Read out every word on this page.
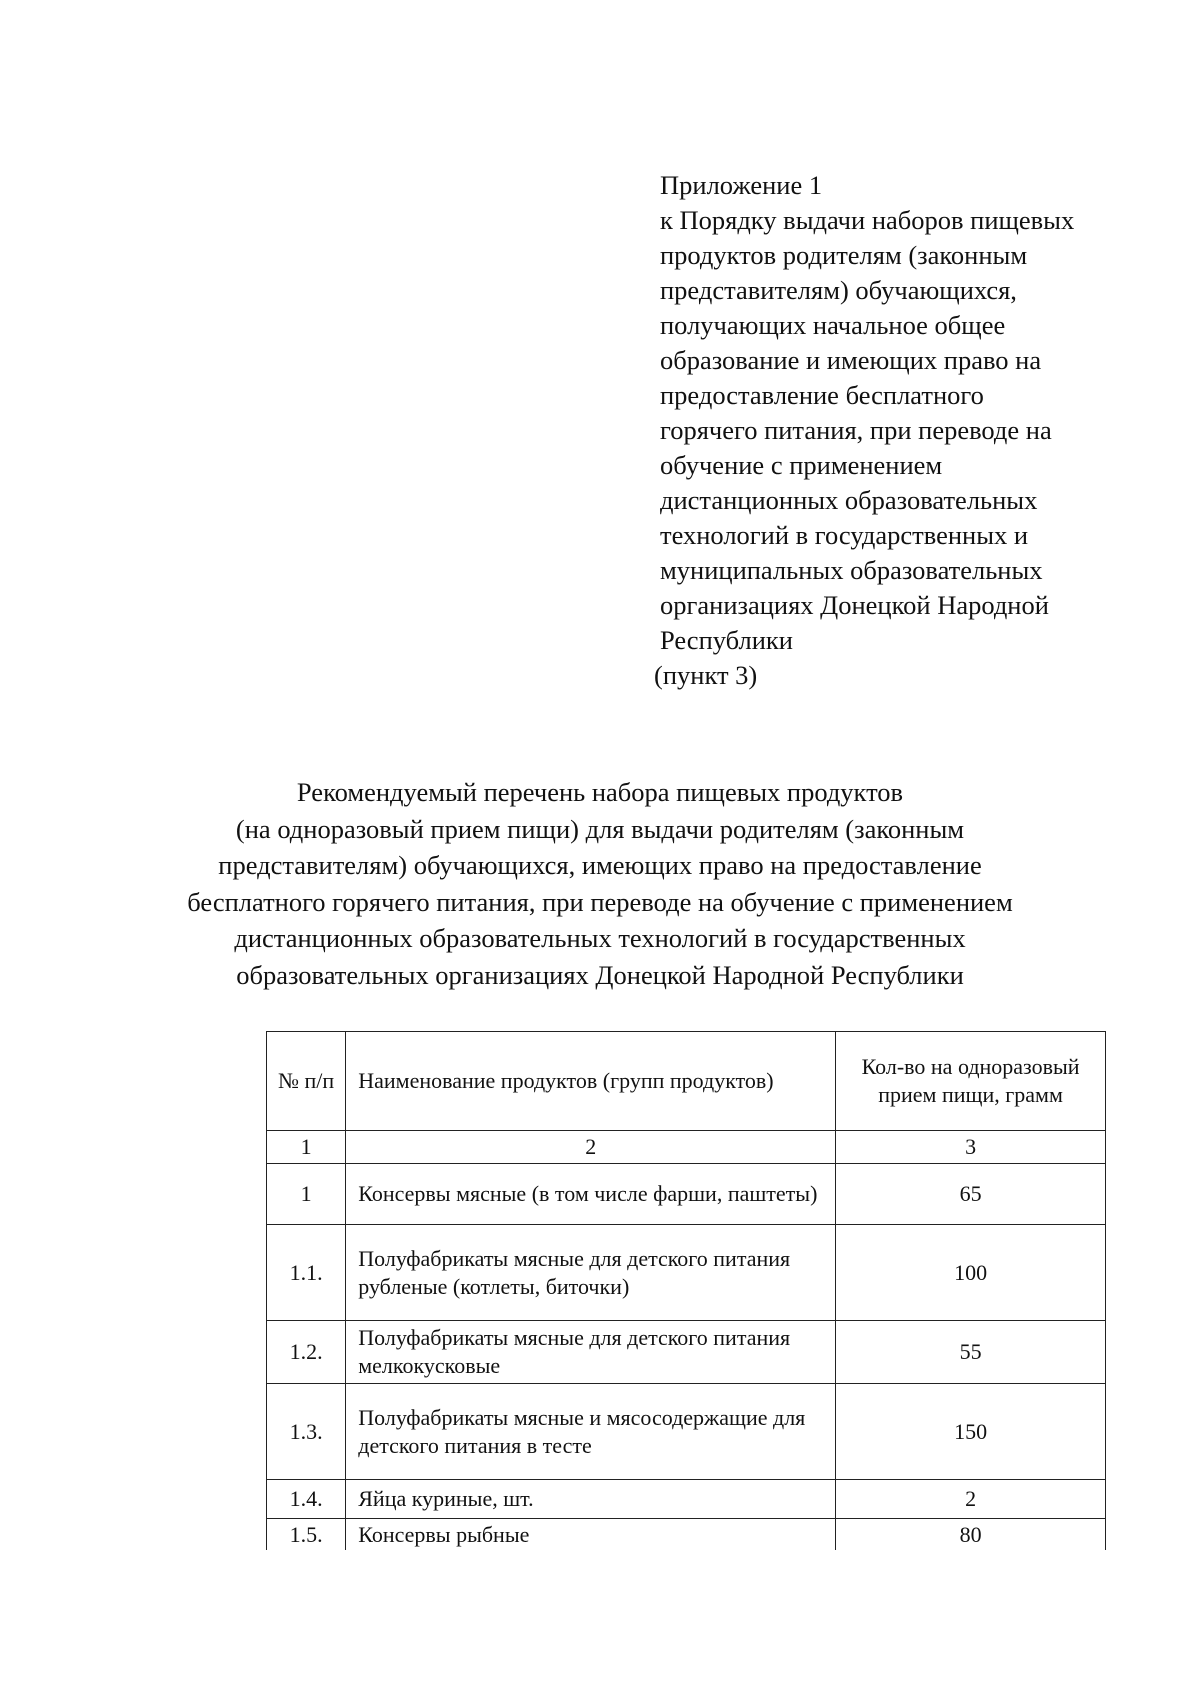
Приложение 1
к Порядку выдачи наборов пищевых
продуктов родителям (законным
представителям) обучающихся,
получающих начальное общее
образование и имеющих право на
предоставление бесплатного
горячего питания, при переводе на
обучение с применением
дистанционных образовательных
технологий в государственных и
муниципальных образовательных
организациях Донецкой Народной
Республики
(пункт 3)
Рекомендуемый перечень набора пищевых продуктов
(на одноразовый прием пищи) для выдачи родителям (законным
представителям) обучающихся, имеющих право на предоставление
бесплатного горячего питания, при переводе на обучение с применением
дистанционных образовательных технологий в государственных
образовательных организациях Донецкой Народной Республики
№ п/п	Наименование продуктов (групп продуктов)	Кол-во на одноразовый прием пищи, грамм
1	2	3
1	Консервы мясные (в том числе фарши, паштеты)	65
1.1.	Полуфабрикаты мясные для детского питания рубленые (котлеты, биточки)	100
1.2.	Полуфабрикаты мясные для детского питания мелкокусковые	55
1.3.	Полуфабрикаты мясные и мясосодержащие для детского питания в тесте	150
1.4.	Яйца куриные, шт.	2
1.5.	Консервы рыбные	80
